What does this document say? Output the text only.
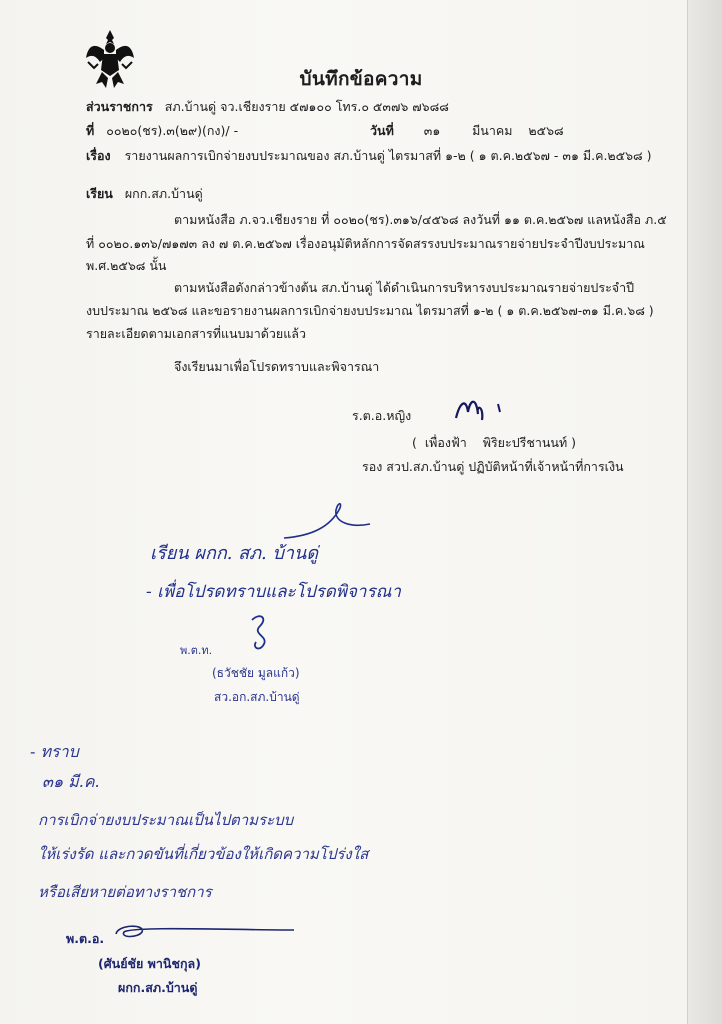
บันทึกข้อความ
ส่วนราชการ สภ.บ้านดู่ จว.เชียงราย ๕๗๑๐๐ โทร.๐ ๕๓๗๖ ๗๖๘๘
ที่ ๐๐๒๐(ชร).๓(๒๙)(กง)/ -	วันที่ ๓๑        มีนาคม    ๒๕๖๘
เรื่อง รายงานผลการเบิกจ่ายงบประมาณของ สภ.บ้านดู่ ไตรมาสที่ ๑-๒ ( ๑ ต.ค.๒๕๖๗ - ๓๑ มี.ค.๒๕๖๘ )
เรียน ผกก.สภ.บ้านดู่
ตามหนังสือ ภ.จว.เชียงราย ที่ ๐๐๒๐(ชร).๓๑๖/๔๕๖๘ ลงวันที่ ๑๑ ต.ค.๒๕๖๗ แลหนังสือ ภ.๕
ที่ ๐๐๒๐.๑๓๖/๗๑๗๓ ลง ๗ ต.ค.๒๕๖๗ เรื่องอนุมัติหลักการจัดสรรงบประมาณรายจ่ายประจำปีงบประมาณ
พ.ศ.๒๕๖๘ นั้น
ตามหนังสือดังกล่าวข้างต้น สภ.บ้านดู่ ได้ดำเนินการบริหารงบประมาณรายจ่ายประจำปี
งบประมาณ ๒๕๖๘ และขอรายงานผลการเบิกจ่ายงบประมาณ ไตรมาสที่ ๑-๒ ( ๑ ต.ค.๒๕๖๗-๓๑ มี.ค.๖๘ )
รายละเอียดตามเอกสารที่แนบมาด้วยแล้ว
จึงเรียนมาเพื่อโปรดทราบและพิจารณา
ร.ต.อ.หญิง
(  เพื่องฟ้า    พิริยะปรีชานนท์ )
รอง สวป.สภ.บ้านดู่ ปฏิบัติหน้าที่เจ้าหน้าที่การเงิน
เรียน ผกก. สภ. บ้านดู่
- เพื่อโปรดทราบและโปรดพิจารณา
พ.ต.ท.
(ธวัชชัย มูลแก้ว)
สว.อก.สภ.บ้านดู่
- ทราบ
๓๑ มี.ค.
การเบิกจ่ายงบประมาณเป็นไปตามระบบ
ให้เร่งรัด และกวดขันที่เกี่ยวข้องให้เกิดความโปร่งใส
หรือเสียหายต่อทางราชการ
พ.ต.อ.
(ศันย์ชัย พานิชกุล)
ผกก.สภ.บ้านดู่
